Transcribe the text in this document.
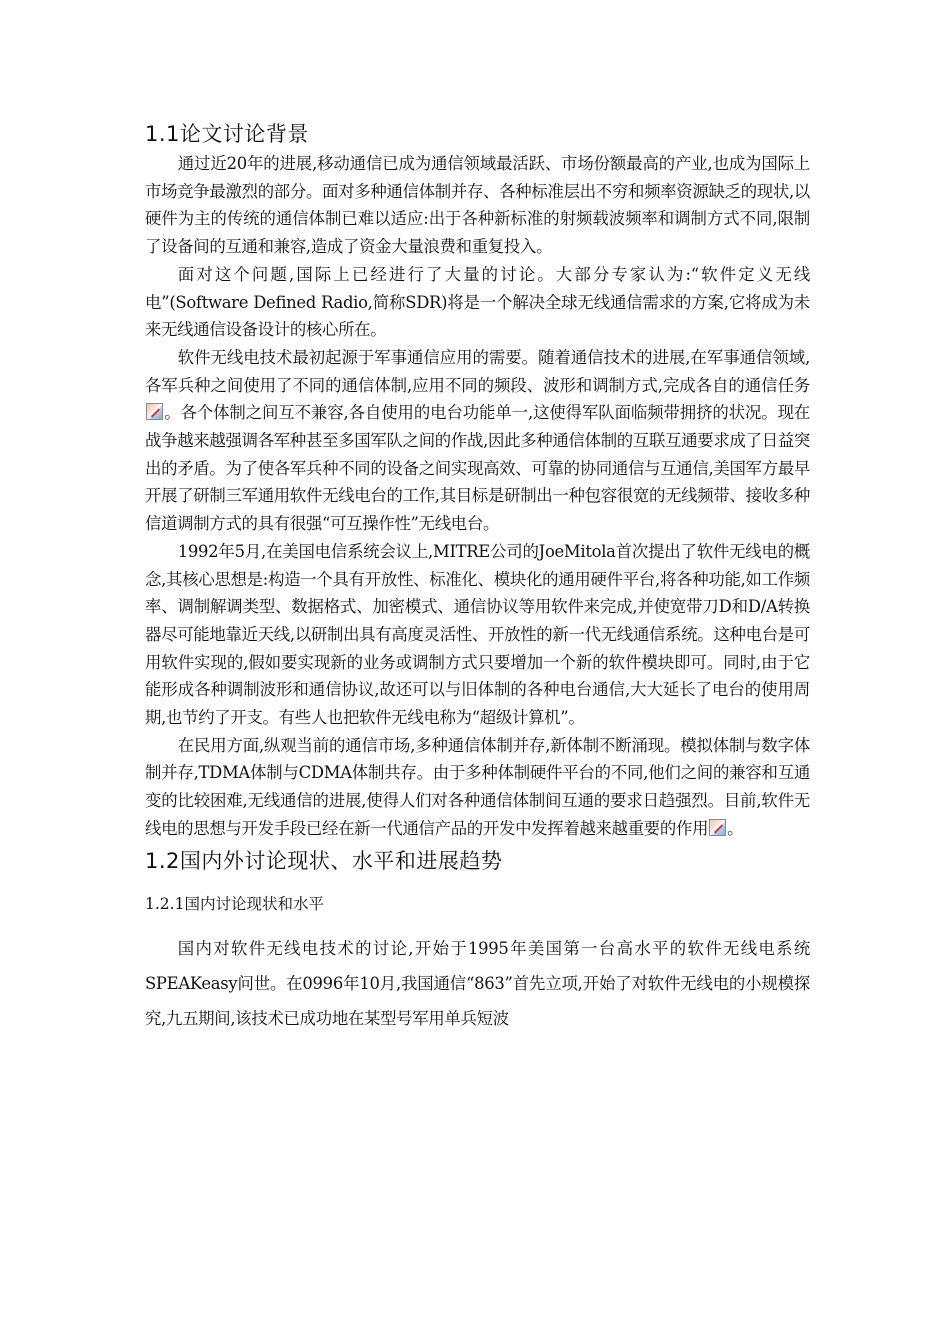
1.1论文讨论背景

通过近20年的进展,移动通信已成为通信领域最活跃、市场份额最高的产业,也成为国际上市场竞争最激烈的部分。面对多种通信体制并存、各种标准层出不穷和频率资源缺乏的现状,以硬件为主的传统的通信体制已难以适应:出于各种新标准的射频载波频率和调制方式不同,限制了设备间的互通和兼容,造成了资金大量浪费和重复投入。

面对这个问题,国际上已经进行了大量的讨论。大部分专家认为:“软件定义无线电”(Software Defined Radio,简称SDR)将是一个解决全球无线通信需求的方案,它将成为未来无线通信设备设计的核心所在。

软件无线电技术最初起源于军事通信应用的需要。随着通信技术的进展,在军事通信领域,各军兵种之间使用了不同的通信体制,应用不同的频段、波形和调制方式,完成各自的通信任务。各个体制之间互不兼容,各自使用的电台功能单一,这使得军队面临频带拥挤的状况。现在战争越来越强调各军种甚至多国军队之间的作战,因此多种通信体制的互联互通要求成了日益突出的矛盾。为了使各军兵种不同的设备之间实现高效、可靠的协同通信与互通信,美国军方最早开展了研制三军通用软件无线电台的工作,其目标是研制出一种包容很宽的无线频带、接收多种信道调制方式的具有很强“可互操作性”无线电台。

1992年5月,在美国电信系统会议上,MITRE公司的JoeMitola首次提出了软件无线电的概念,其核心思想是:构造一个具有开放性、标准化、模块化的通用硬件平台,将各种功能,如工作频率、调制解调类型、数据格式、加密模式、通信协议等用软件来完成,并使宽带刀D和D/A转换器尽可能地靠近天线,以研制出具有高度灵活性、开放性的新一代无线通信系统。这种电台是可用软件实现的,假如要实现新的业务或调制方式只要增加一个新的软件模块即可。同时,由于它能形成各种调制波形和通信协议,故还可以与旧体制的各种电台通信,大大延长了电台的使用周期,也节约了开支。有些人也把软件无线电称为“超级计算机”。

在民用方面,纵观当前的通信市场,多种通信体制并存,新体制不断涌现。模拟体制与数字体制并存,TDMA体制与CDMA体制共存。由于多种体制硬件平台的不同,他们之间的兼容和互通变的比较困难,无线通信的进展,使得人们对各种通信体制间互通的要求日趋强烈。目前,软件无线电的思想与开发手段已经在新一代通信产品的开发中发挥着越来越重要的作用 。

1.2国内外讨论现状、水平和进展趋势
1.2.1国内讨论现状和水平

国内对软件无线电技术的讨论,开始于1995年美国第一台高水平的软件无线电系统SPEAKeasy问世。在0996年10月,我国通信“863”首先立项,开始了对软件无线电的小规模探究,九五期间,该技术已成功地在某型号军用单兵短波
